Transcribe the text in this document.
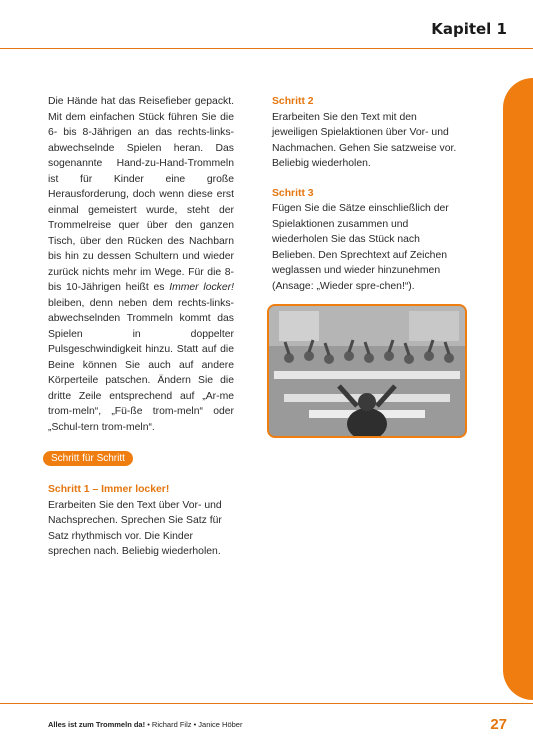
Kapitel 1
Die Hände hat das Reisefieber gepackt. Mit dem einfachen Stück führen Sie die 6- bis 8-Jährigen an das rechts-links-abwechselnde Spielen heran. Das sogenannte Hand-zu-Hand-Trommeln ist für Kinder eine große Herausforderung, doch wenn diese erst einmal gemeistert wurde, steht der Trommelreise quer über den ganzen Tisch, über den Rücken des Nachbarn bis hin zu dessen Schultern und wieder zurück nichts mehr im Wege. Für die 8- bis 10-Jährigen heißt es Immer locker! bleiben, denn neben dem rechts-links-abwechselnden Trommeln kommt das Spielen in doppelter Pulsgeschwindigkeit hinzu. Statt auf die Beine können Sie auch auf andere Körperteile patschen. Ändern Sie die dritte Zeile entsprechend auf „Ar-me trom-meln“, „Fü-ße trom-meln“ oder „Schul-tern trom-meln“.

Schritt 2
Erarbeiten Sie den Text mit den jeweiligen Spielaktionen über Vor- und Nachmachen. Gehen Sie satzweise vor. Beliebig wiederholen.

Schritt 3
Fügen Sie die Sätze einschließlich der Spielaktionen zusammen und wiederholen Sie das Stück nach Belieben. Den Sprechtext auf Zeichen weglassen und wieder hinzunehmen (Ansage: „Wieder spre-chen!“).

Schritt für Schritt
Schritt 1 – Immer locker!
Erarbeiten Sie den Text über Vor- und Nachsprechen. Sprechen Sie Satz für Satz rhythmisch vor. Die Kinder sprechen nach. Beliebig wiederholen.
Alles ist zum Trommeln da! • Richard Filz • Janice Höber	27
